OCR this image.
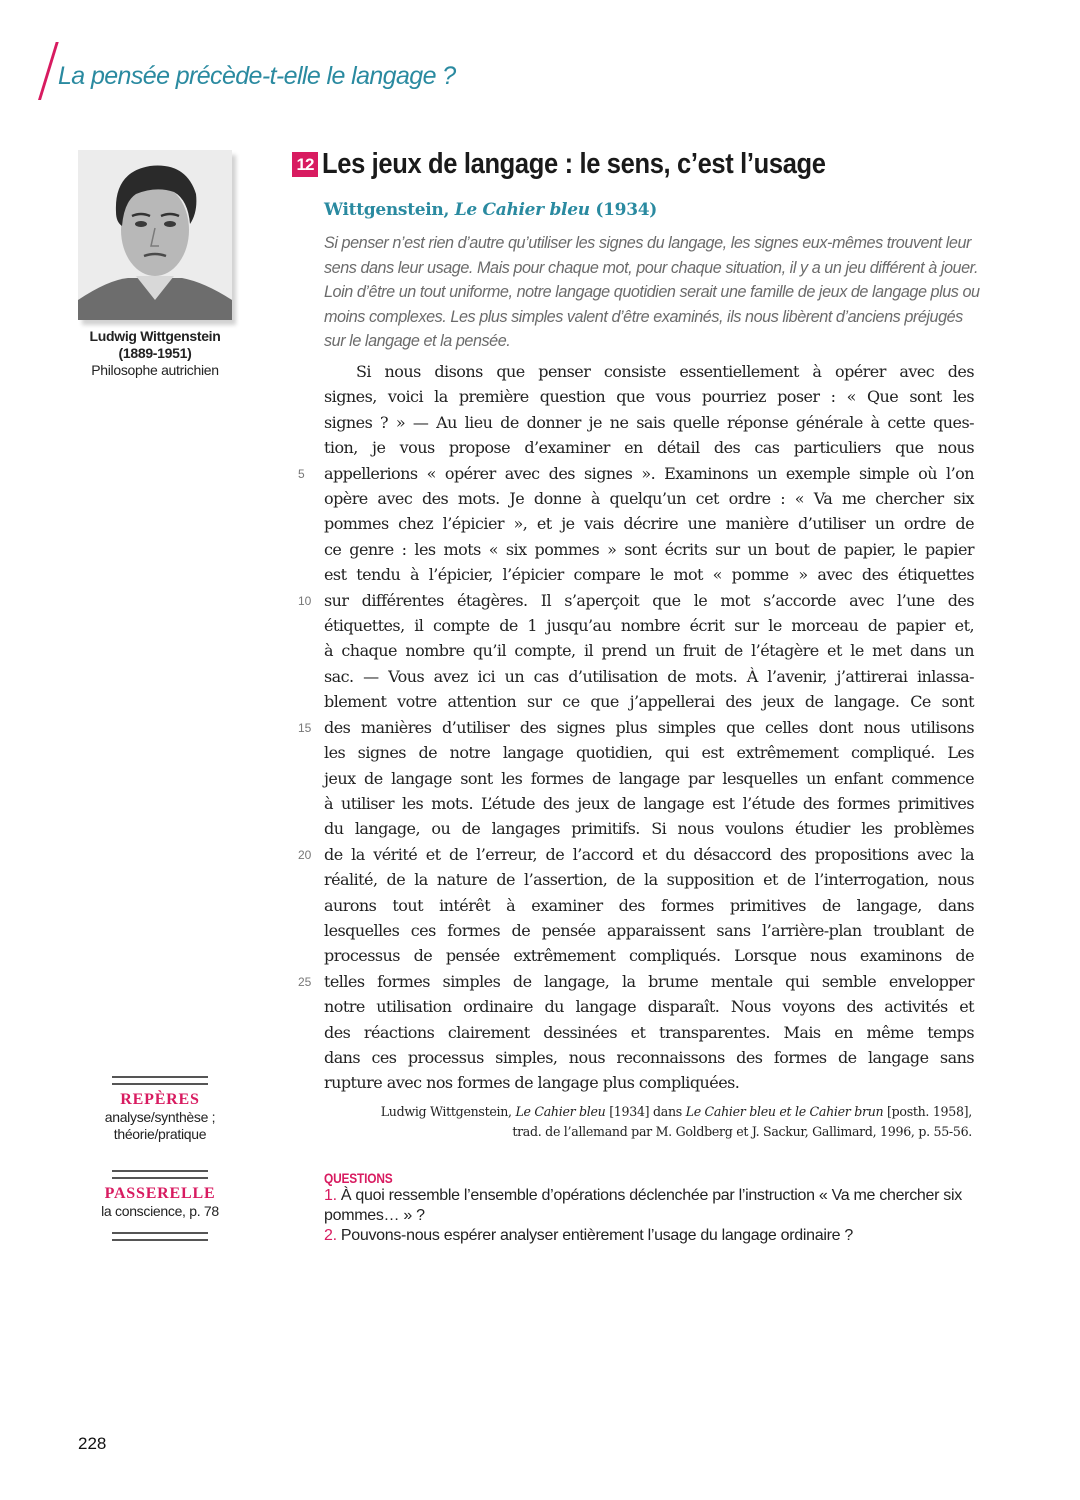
La pensée précède-t-elle le langage ?
Ludwig Wittgenstein
(1889-1951)
Philosophe autrichien
12 Les jeux de langage : le sens, c’est l’usage
Wittgenstein, Le Cahier bleu (1934)
Si penser n’est rien d’autre qu’utiliser les signes du langage, les signes eux-mêmes trouvent leur sens dans leur usage. Mais pour chaque mot, pour chaque situation, il y a un jeu différent à jouer. Loin d’être un tout uniforme, notre langage quotidien serait une famille de jeux de langage plus ou moins complexes. Les plus simples valent d’être examinés, ils nous libèrent d’anciens préjugés sur le langage et la pensée.
Si nous disons que penser consiste essentiellement à opérer avec des
signes, voici la première question que vous pourriez poser : « Que sont les
signes ? » — Au lieu de donner je ne sais quelle réponse générale à cette ques-
tion, je vous propose d’examiner en détail des cas particuliers que nous
appellerions « opérer avec des signes ». Examinons un exemple simple où l’on
opère avec des mots. Je donne à quelqu’un cet ordre : « Va me chercher six
pommes chez l’épicier », et je vais décrire une manière d’utiliser un ordre de
ce genre : les mots « six pommes » sont écrits sur un bout de papier, le papier
est tendu à l’épicier, l’épicier compare le mot « pomme » avec des étiquettes
sur différentes étagères. Il s’aperçoit que le mot s’accorde avec l’une des
étiquettes, il compte de 1 jusqu’au nombre écrit sur le morceau de papier et,
à chaque nombre qu’il compte, il prend un fruit de l’étagère et le met dans un
sac. — Vous avez ici un cas d’utilisation de mots. À l’avenir, j’attirerai inlassa-
blement votre attention sur ce que j’appellerai des jeux de langage. Ce sont
des manières d’utiliser des signes plus simples que celles dont nous utilisons
les signes de notre langage quotidien, qui est extrêmement compliqué. Les
jeux de langage sont les formes de langage par lesquelles un enfant commence
à utiliser les mots. L’étude des jeux de langage est l’étude des formes primitives
du langage, ou de langages primitifs. Si nous voulons étudier les problèmes
de la vérité et de l’erreur, de l’accord et du désaccord des propositions avec la
réalité, de la nature de l’assertion, de la supposition et de l’interrogation, nous
aurons tout intérêt à examiner des formes primitives de langage, dans
lesquelles ces formes de pensée apparaissent sans l’arrière-plan troublant de
processus de pensée extrêmement compliqués. Lorsque nous examinons de
telles formes simples de langage, la brume mentale qui semble envelopper
notre utilisation ordinaire du langage disparaît. Nous voyons des activités et
des réactions clairement dessinées et transparentes. Mais en même temps
dans ces processus simples, nous reconnaissons des formes de langage sans
rupture avec nos formes de langage plus compliquées.
5
10
15
20
25
Ludwig Wittgenstein, Le Cahier bleu [1934] dans Le Cahier bleu et le Cahier brun [posth. 1958],
trad. de l’allemand par M. Goldberg et J. Sackur, Gallimard, 1996, p. 55-56.
QUESTIONS
1. À quoi ressemble l’ensemble d’opérations déclenchée par l’instruction « Va me chercher six pommes… » ?
2. Pouvons-nous espérer analyser entièrement l’usage du langage ordinaire ?
REPÈRES
analyse/synthèse ;
théorie/pratique
PASSERELLE
la conscience, p. 78
228
